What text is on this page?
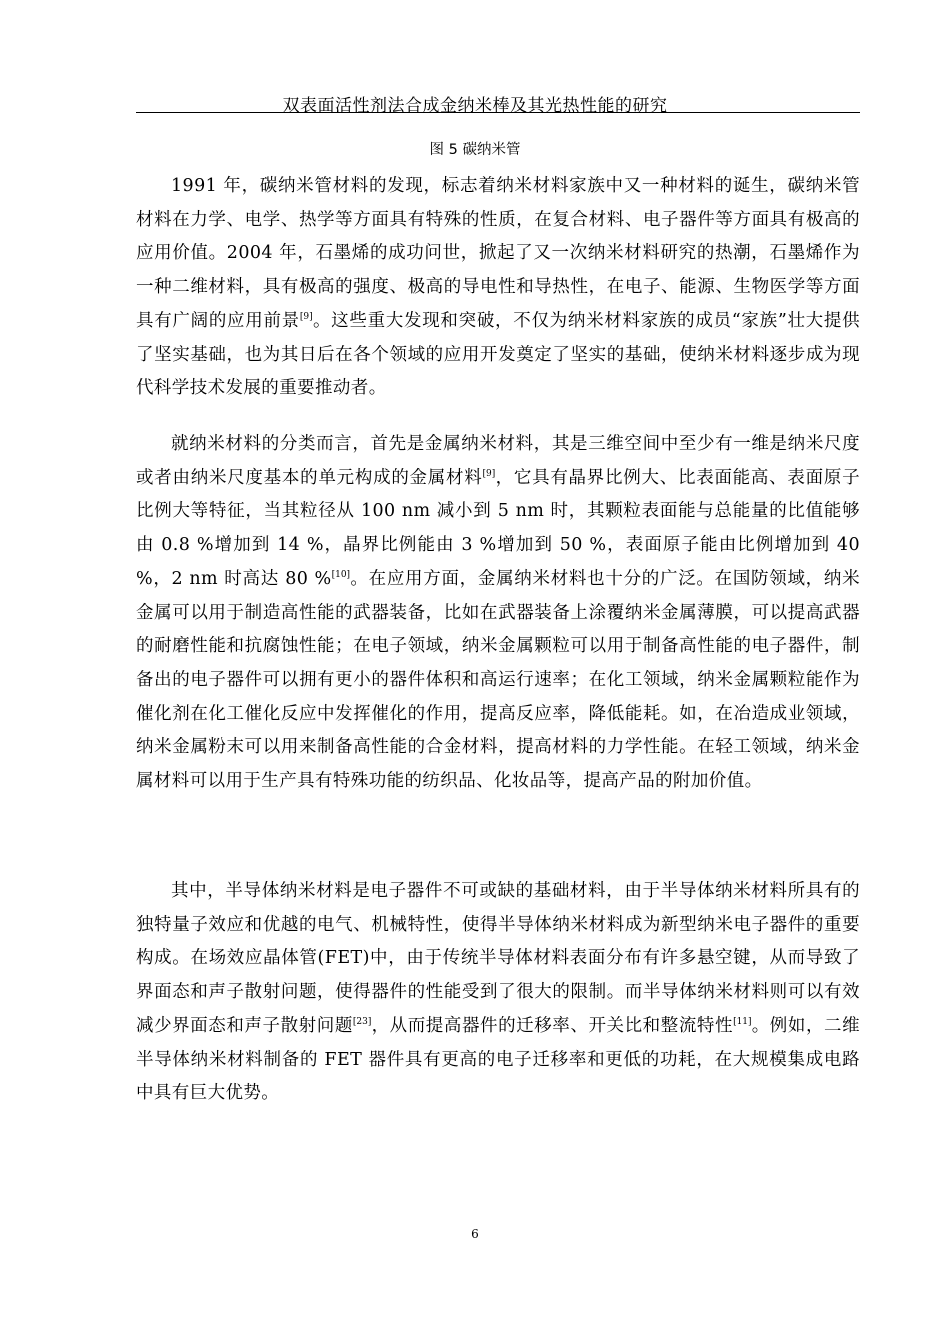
双表面活性剂法合成金纳米棒及其光热性能的研究
图 5 碳纳米管

1991 年，碳纳米管材料的发现，标志着纳米材料家族中又一种材料的诞生，碳纳米管材料在力学、电学、热学等方面具有特殊的性质，在复合材料、电子器件等方面具有极高的应用价值。2004 年，石墨烯的成功问世，掀起了又一次纳米材料研究的热潮，石墨烯作为一种二维材料，具有极高的强度、极高的导电性和导热性，在电子、能源、生物医学等方面具有广阔的应用前景[9]。这些重大发现和突破，不仅为纳米材料家族的成员“家族”壮大提供了坚实基础，也为其日后在各个领域的应用开发奠定了坚实的基础，使纳米材料逐步成为现代科学技术发展的重要推动者。

就纳米材料的分类而言，首先是金属纳米材料，其是三维空间中至少有一维是纳米尺度或者由纳米尺度基本的单元构成的金属材料[9]，它具有晶界比例大、比表面能高、表面原子比例大等特征，当其粒径从 100 nm 减小到 5 nm 时，其颗粒表面能与总能量的比值能够由 0.8 %增加到 14 %，晶界比例能由 3 %增加到 50 %，表面原子能由比例增加到 40 %，2 nm 时高达 80 %[10]。在应用方面，金属纳米材料也十分的广泛。在国防领域，纳米金属可以用于制造高性能的武器装备，比如在武器装备上涂覆纳米金属薄膜，可以提高武器的耐磨性能和抗腐蚀性能；在电子领域，纳米金属颗粒可以用于制备高性能的电子器件，制备出的电子器件可以拥有更小的器件体积和高运行速率；在化工领域，纳米金属颗粒能作为催化剂在化工催化反应中发挥催化的作用，提高反应率，降低能耗。如，在冶造成业领域，纳米金属粉末可以用来制备高性能的合金材料，提高材料的力学性能。在轻工领域，纳米金属材料可以用于生产具有特殊功能的纺织品、化妆品等，提高产品的附加价值。

其中，半导体纳米材料是电子器件不可或缺的基础材料，由于半导体纳米材料所具有的独特量子效应和优越的电气、机械特性，使得半导体纳米材料成为新型纳米电子器件的重要构成。在场效应晶体管(FET)中，由于传统半导体材料表面分布有许多悬空键，从而导致了界面态和声子散射问题，使得器件的性能受到了很大的限制。而半导体纳米材料则可以有效减少界面态和声子散射问题[23]，从而提高器件的迁移率、开关比和整流特性[11]。例如，二维半导体纳米材料制备的 FET 器件具有更高的电子迁移率和更低的功耗，在大规模集成电路中具有巨大优势。

6
